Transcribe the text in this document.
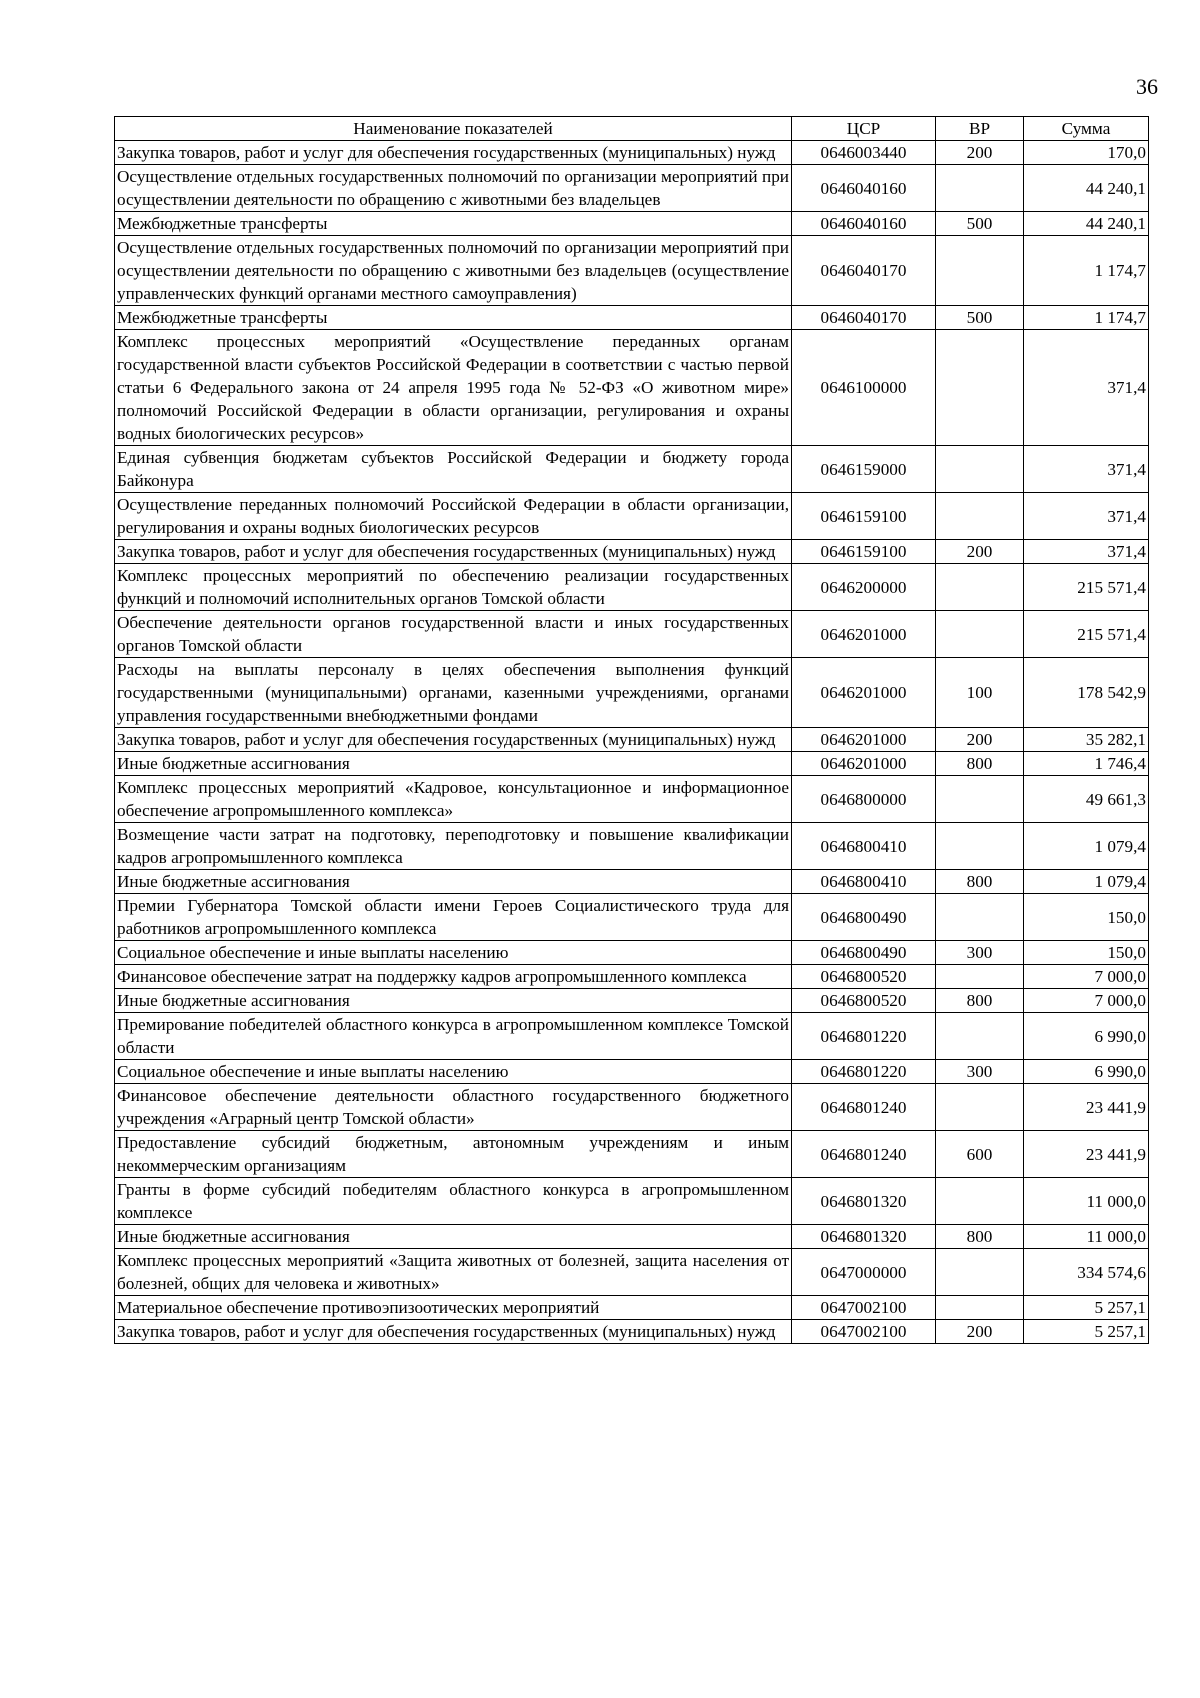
36
Наименование показателей	ЦСР	ВР	Сумма
Закупка товаров, работ и услуг для обеспечения государственных (муниципальных) нужд	0646003440	200	170,0
Осуществление отдельных государственных полномочий по организации мероприятий при осуществлении деятельности по обращению с животными без владельцев	0646040160		44 240,1
Межбюджетные трансферты	0646040160	500	44 240,1
Осуществление отдельных государственных полномочий по организации мероприятий при осуществлении деятельности по обращению с животными без владельцев (осуществление управленческих функций органами местного самоуправления)	0646040170		1 174,7
Межбюджетные трансферты	0646040170	500	1 174,7
Комплекс процессных мероприятий «Осуществление переданных органам государственной власти субъектов Российской Федерации в соответствии с частью первой статьи 6 Федерального закона от 24 апреля 1995 года № 52-ФЗ «О животном мире» полномочий Российской Федерации в области организации, регулирования и охраны водных биологических ресурсов»	0646100000		371,4
Единая субвенция бюджетам субъектов Российской Федерации и бюджету города Байконура	0646159000		371,4
Осуществление переданных полномочий Российской Федерации в области организации, регулирования и охраны водных биологических ресурсов	0646159100		371,4
Закупка товаров, работ и услуг для обеспечения государственных (муниципальных) нужд	0646159100	200	371,4
Комплекс процессных мероприятий по обеспечению реализации государственных функций и полномочий исполнительных органов Томской области	0646200000		215 571,4
Обеспечение деятельности органов государственной власти и иных государственных органов Томской области	0646201000		215 571,4
Расходы на выплаты персоналу в целях обеспечения выполнения функций государственными (муниципальными) органами, казенными учреждениями, органами управления государственными внебюджетными фондами	0646201000	100	178 542,9
Закупка товаров, работ и услуг для обеспечения государственных (муниципальных) нужд	0646201000	200	35 282,1
Иные бюджетные ассигнования	0646201000	800	1 746,4
Комплекс процессных мероприятий «Кадровое, консультационное и информационное обеспечение агропромышленного комплекса»	0646800000		49 661,3
Возмещение части затрат на подготовку, переподготовку и повышение квалификации кадров агропромышленного комплекса	0646800410		1 079,4
Иные бюджетные ассигнования	0646800410	800	1 079,4
Премии Губернатора Томской области имени Героев Социалистического труда для работников агропромышленного комплекса	0646800490		150,0
Социальное обеспечение и иные выплаты населению	0646800490	300	150,0
Финансовое обеспечение затрат на поддержку кадров агропромышленного комплекса	0646800520		7 000,0
Иные бюджетные ассигнования	0646800520	800	7 000,0
Премирование победителей областного конкурса в агропромышленном комплексе Томской области	0646801220		6 990,0
Социальное обеспечение и иные выплаты населению	0646801220	300	6 990,0
Финансовое обеспечение деятельности областного государственного бюджетного учреждения «Аграрный центр Томской области»	0646801240		23 441,9
Предоставление субсидий бюджетным, автономным учреждениям и иным некоммерческим организациям	0646801240	600	23 441,9
Гранты в форме субсидий победителям областного конкурса в агропромышленном комплексе	0646801320		11 000,0
Иные бюджетные ассигнования	0646801320	800	11 000,0
Комплекс процессных мероприятий «Защита животных от болезней, защита населения от болезней, общих для человека и животных»	0647000000		334 574,6
Материальное обеспечение противоэпизоотических мероприятий	0647002100		5 257,1
Закупка товаров, работ и услуг для обеспечения государственных (муниципальных) нужд	0647002100	200	5 257,1
